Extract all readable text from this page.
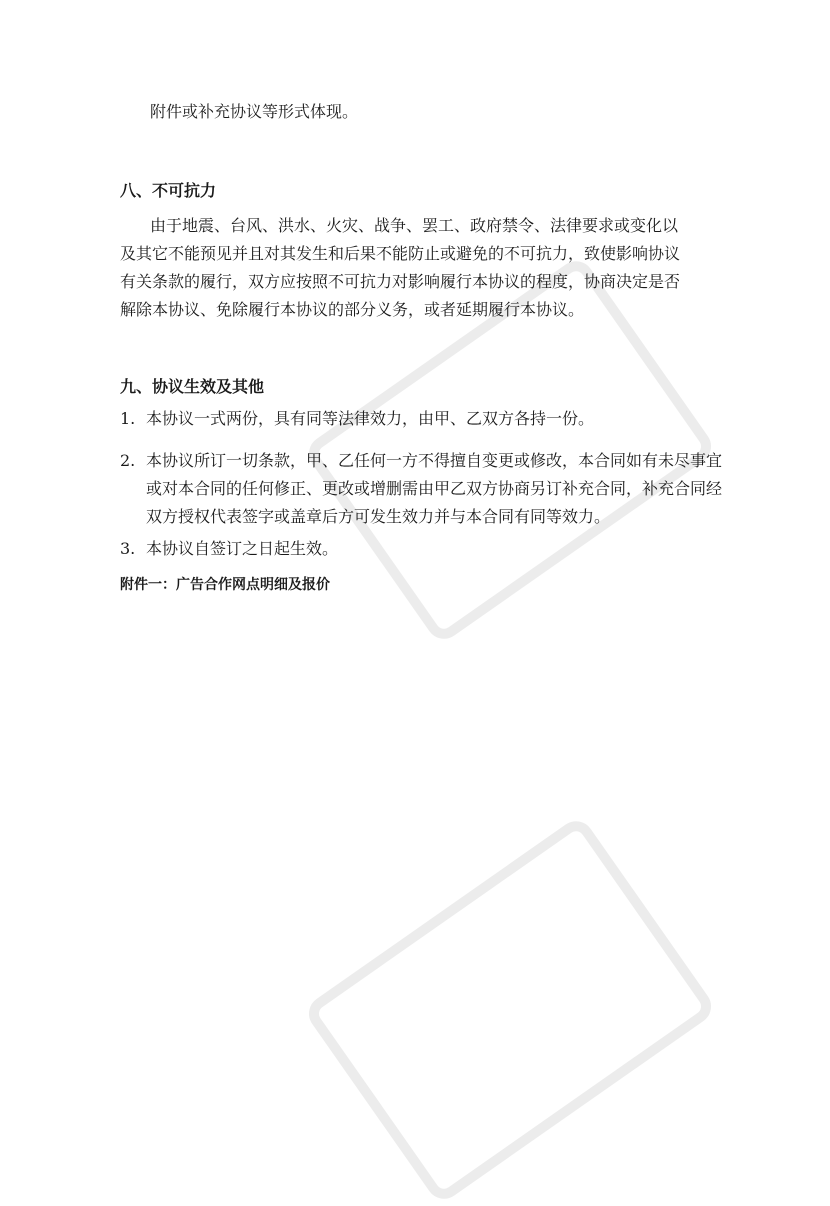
附件或补充协议等形式体现。
八、不可抗力
由于地震、台风、洪水、火灾、战争、罢工、政府禁令、法律要求或变化以
及其它不能预见并且对其发生和后果不能防止或避免的不可抗力，致使影响协议
有关条款的履行，双方应按照不可抗力对影响履行本协议的程度，协商决定是否
解除本协议、免除履行本协议的部分义务，或者延期履行本协议。
九、协议生效及其他
1. 本协议一式两份，具有同等法律效力，由甲、乙双方各持一份。
2. 本协议所订一切条款，甲、乙任何一方不得擅自变更或修改，本合同如有未尽事宜
或对本合同的任何修正、更改或增删需由甲乙双方协商另订补充合同，补充合同经
双方授权代表签字或盖章后方可发生效力并与本合同有同等效力。
3. 本协议自签订之日起生效。
附件一：广告合作网点明细及报价
